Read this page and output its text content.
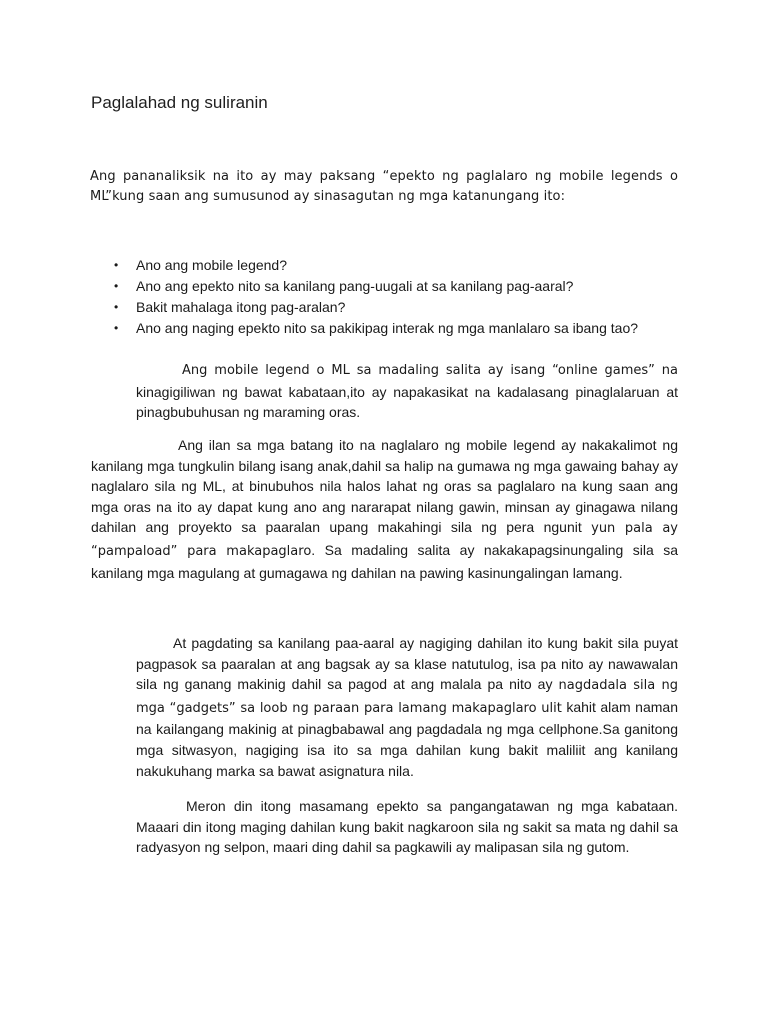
Paglalahad ng suliranin

Ang pananaliksik na ito ay may paksang “epekto ng paglalaro ng mobile legends o ML”kung saan ang sumusunod ay sinasagutan ng mga katanungang ito:

• Ano ang mobile legend?
• Ano ang epekto nito sa kanilang pang-uugali at sa kanilang pag-aaral?
• Bakit mahalaga itong pag-aralan?
• Ano ang naging epekto nito sa pakikipag interak ng mga manlalaro sa ibang tao?

Ang mobile legend o ML sa madaling salita ay isang “online games” na kinagigiliwan ng bawat kabataan,ito ay napakasikat na kadalasang pinaglalaruan at pinagbubuhusan ng maraming oras.

Ang ilan sa mga batang ito na naglalaro ng mobile legend ay nakakalimot ng kanilang mga tungkulin bilang isang anak,dahil sa halip na gumawa ng mga gawaing bahay ay naglalaro sila ng ML, at binubuhos nila halos lahat ng oras sa paglalaro na kung saan ang mga oras na ito ay dapat kung ano ang nararapat nilang gawin, minsan ay ginagawa nilang dahilan ang proyekto sa paaralan upang makahingi sila ng pera ngunit yun pala ay “pampaload” para makapaglaro. Sa madaling salita ay nakakapagsinungaling sila sa kanilang mga magulang at gumagawa ng dahilan na pawing kasinungalingan lamang.

At pagdating sa kanilang paa-aaral ay nagiging dahilan ito kung bakit sila puyat pagpasok sa paaralan at ang bagsak ay sa klase natutulog, isa pa nito ay nawawalan sila ng ganang makinig dahil sa pagod at ang malala pa nito ay nagdadala sila ng mga “gadgets” sa loob ng paraan para lamang makapaglaro ulit kahit alam naman na kailangang makinig at pinagbabawal ang pagdadala ng mga cellphone.Sa ganitong mga sitwasyon, nagiging isa ito sa mga dahilan kung bakit maliliit ang kanilang nakukuhang marka sa bawat asignatura nila.

Meron din itong masamang epekto sa pangangatawan ng mga kabataan. Maaari din itong maging dahilan kung bakit nagkaroon sila ng sakit sa mata ng dahil sa radyasyon ng selpon, maari ding dahil sa pagkawili ay malipasan sila ng gutom.
